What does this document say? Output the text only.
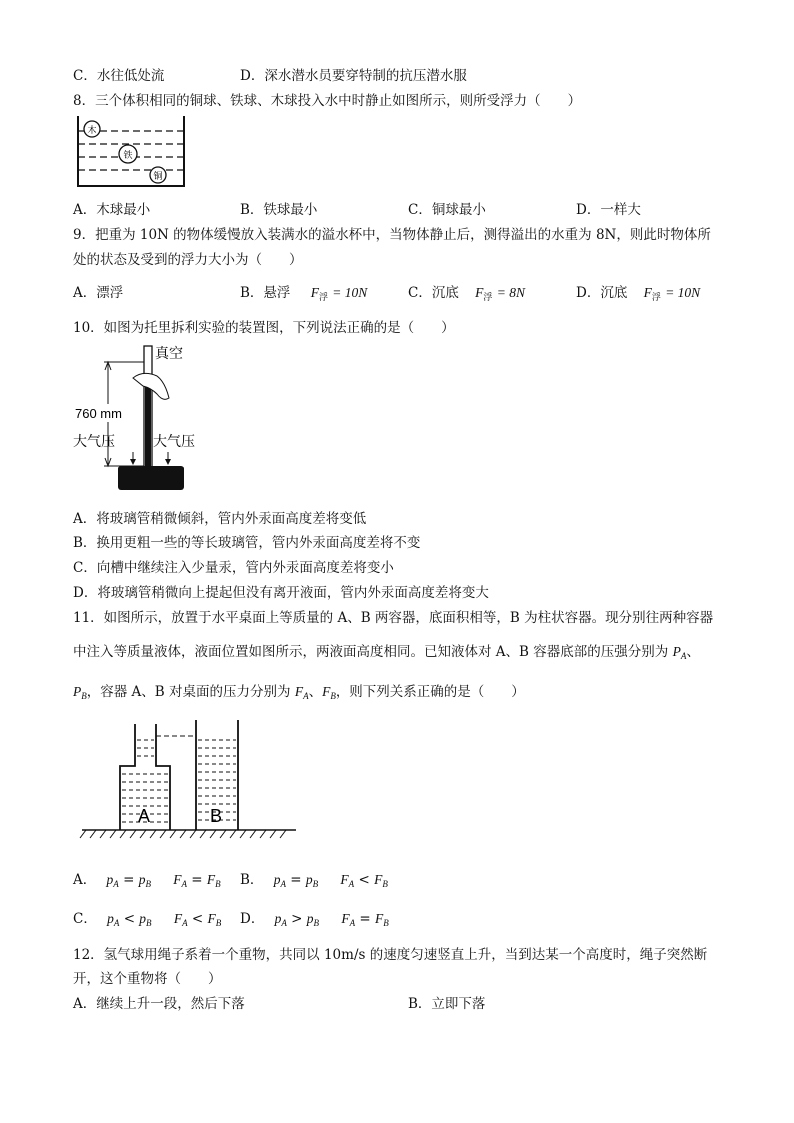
C．水往低处流	D．深水潜水员要穿特制的抗压潜水服
8．三个体积相同的铜球、铁球、木球投入水中时静止如图所示，则所受浮力（　　）
木
铁
铜
A．木球最小	B．铁球最小	C．铜球最小	D．一样大
9．把重为 10N 的物体缓慢放入装满水的溢水杯中，当物体静止后，测得溢出的水重为 8N，则此时物体所
处的状态及受到的浮力大小为（　　）
A．漂浮	B．悬浮 $F_浮 = 10N$	C．沉底 $F_浮 = 8N$	D．沉底 $F_浮 = 10N$
10．如图为托里拆利实验的装置图，下列说法正确的是（　　）
真空
760 mm
大气压	大气压
A．将玻璃管稍微倾斜，管内外汞面高度差将变低
B．换用更粗一些的等长玻璃管，管内外汞面高度差将不变
C．向槽中继续注入少量汞，管内外汞面高度差将变小
D．将玻璃管稍微向上提起但没有离开液面，管内外汞面高度差将变大
11．如图所示，放置于水平桌面上等质量的 A、B 两容器，底面积相等，B 为柱状容器。现分别往两种容器
中注入等质量液体，液面位置如图所示，两液面高度相同。已知液体对 A、B 容器底部的压强分别为 $P_A$、
$P_B$，容器 A、B 对桌面的压力分别为 $F_A$、$F_B$，则下列关系正确的是（　　）
A	B
A． $p_A = p_B$ $F_A = F_B$ B． $p_A = p_B$ $F_A < F_B$
C． $p_A < p_B$ $F_A < F_B$ D． $p_A > p_B$ $F_A = F_B$
12．氢气球用绳子系着一个重物，共同以 10m/s 的速度匀速竖直上升，当到达某一个高度时，绳子突然断
开，这个重物将（　　）
A．继续上升一段，然后下落	B．立即下落
